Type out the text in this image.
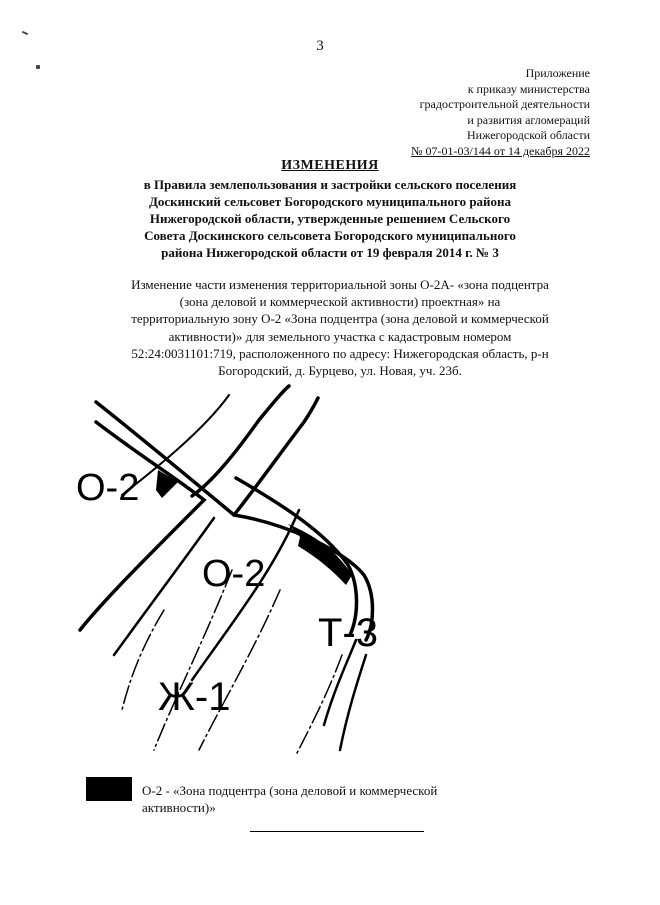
3
Приложение
к приказу министерства
градостроительной деятельности
и развития агломераций
Нижегородской области
№ 07-01-03/144 от 14 декабря 2022
ИЗМЕНЕНИЯ
в Правила землепользования и застройки сельского поселения
Доскинский сельсовет Богородского муниципального района
Нижегородской области, утвержденные решением Сельского
Совета Доскинского сельсовета Богородского муниципального
района Нижегородской области от 19 февраля 2014 г. № 3
Изменение части изменения территориальной зоны О-2А- «зона подцентра
(зона деловой и коммерческой активности) проектная» на
территориальную зону О-2 «Зона подцентра (зона деловой и коммерческой
активности)» для земельного участка с кадастровым номером
52:24:0031101:719, расположенного по адресу: Нижегородская область, р-н
Богородский, д. Бурцево, ул. Новая, уч. 23б.
О-2
О-2
Т-3
Ж-1
О-2 - «Зона подцентра (зона деловой и коммерческой
активности)»
